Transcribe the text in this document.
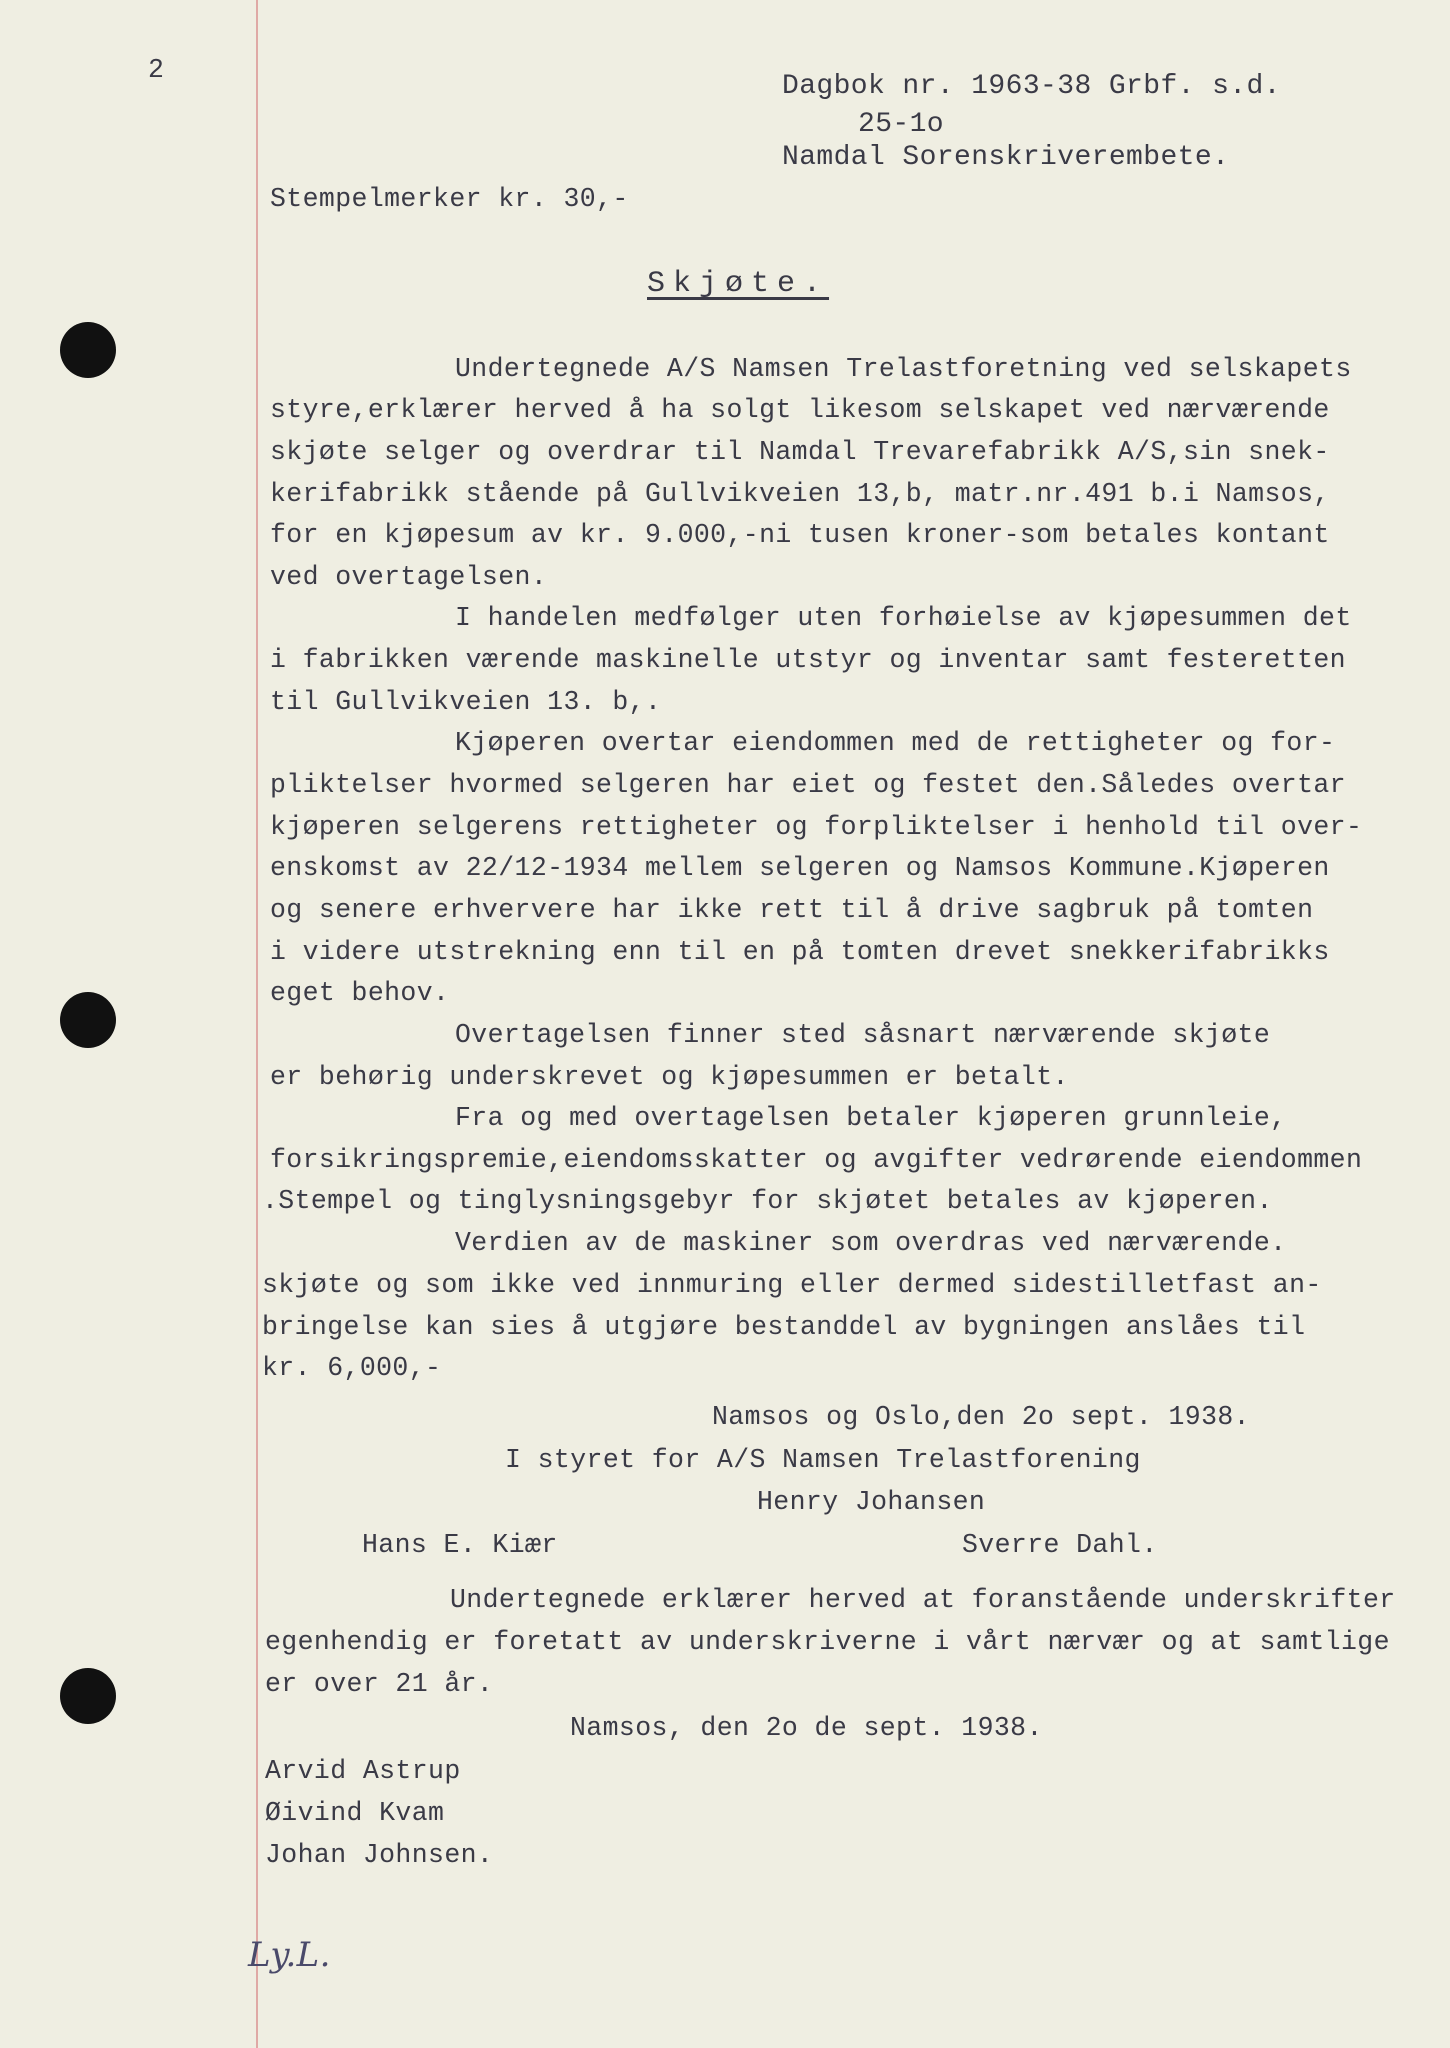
2
Dagbok nr. 1963-38 Grbf. s.d.
25-1o
Namdal Sorenskriverembete.
Stempelmerker kr. 30,-
Skjøte.
Undertegnede A/S Namsen Trelastforetning ved selskapets
styre,erklærer herved å ha solgt likesom selskapet ved nærværende
skjøte selger og overdrar til Namdal Trevarefabrikk A/S,sin snek-
kerifabrikk stående på Gullvikveien 13,b, matr.nr.491 b.i Namsos,
for en kjøpesum av kr. 9.000,-ni tusen kroner-som betales kontant
ved overtagelsen.
I handelen medfølger uten forhøielse av kjøpesummen det
i fabrikken værende maskinelle utstyr og inventar samt festeretten
til Gullvikveien 13. b,.
Kjøperen overtar eiendommen med de rettigheter og for-
pliktelser hvormed selgeren har eiet og festet den.Således overtar
kjøperen selgerens rettigheter og forpliktelser i henhold til over-
enskomst av 22/12-1934 mellem selgeren og Namsos Kommune.Kjøperen
og senere erhververe har ikke rett til å drive sagbruk på tomten
i videre utstrekning enn til en på tomten drevet snekkerifabrikks
eget behov.
Overtagelsen finner sted såsnart nærværende skjøte
er behørig underskrevet og kjøpesummen er betalt.
Fra og med overtagelsen betaler kjøperen grunnleie,
forsikringspremie,eiendomsskatter og avgifter vedrørende eiendommen
.Stempel og tinglysningsgebyr for skjøtet betales av kjøperen.
Verdien av de maskiner som overdras ved nærværende.
skjøte og som ikke ved innmuring eller dermed sidestilletfast an-
bringelse kan sies å utgjøre bestanddel av bygningen anslåes til
kr. 6,000,-
Namsos og Oslo,den 2o sept. 1938.
I styret for A/S Namsen Trelastforening
Henry Johansen
Hans E. Kiær	Sverre Dahl.
Undertegnede erklærer herved at foranstående underskrifter
egenhendig er foretatt av underskriverne i vårt nærvær og at samtlige
er over 21 år.
Namsos, den 2o de sept. 1938.
Arvid Astrup
Øivind Kvam
Johan Johnsen.
Ly.L.
